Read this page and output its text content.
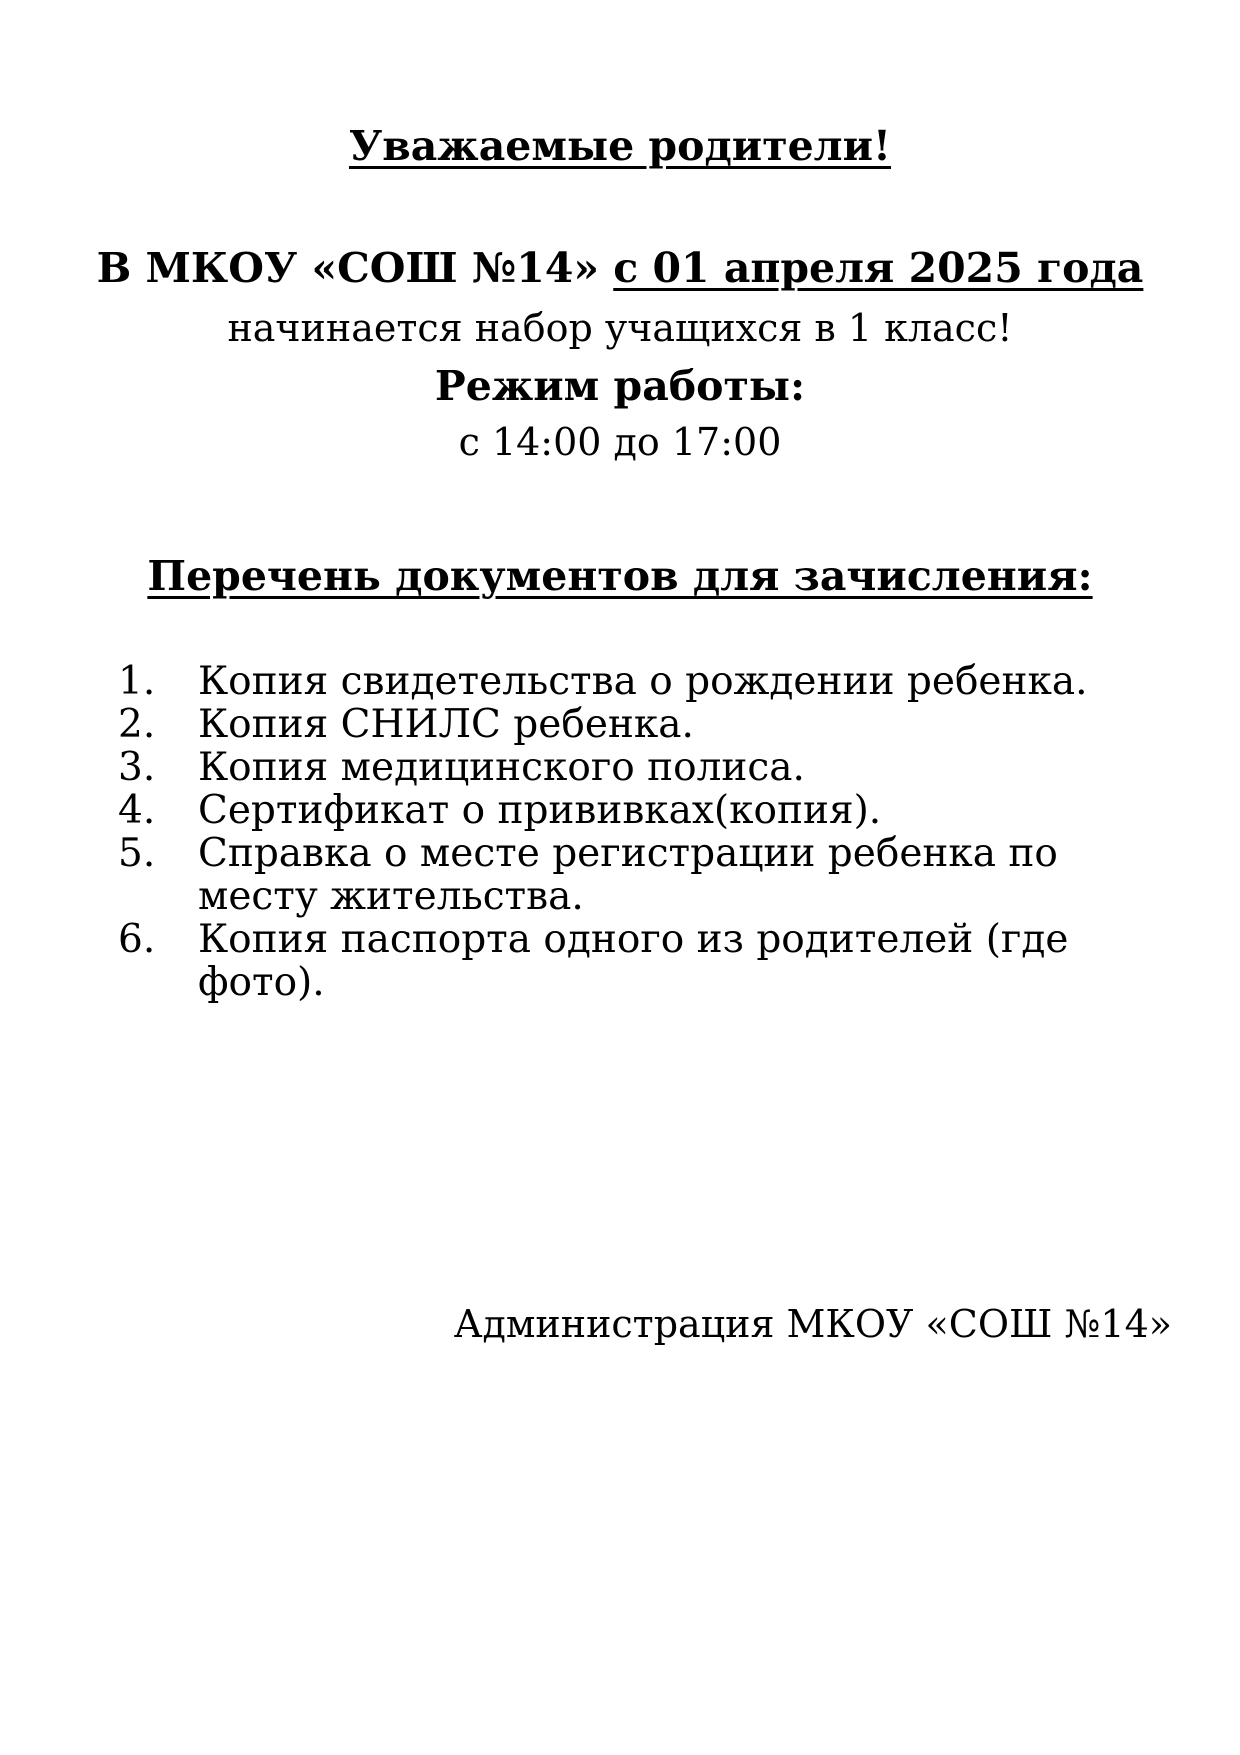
Уважаемые родители!
В МКОУ «СОШ №14» с 01 апреля 2025 года
начинается набор учащихся в 1 класс!
Режим работы:
с 14:00 до 17:00
Перечень документов для зачисления:
1.	Копия свидетельства о рождении ребенка.
2.	Копия СНИЛС ребенка.
3.	Копия медицинского полиса.
4.	Сертификат о прививках(копия).
5.	Справка о месте регистрации ребенка по месту жительства.
6.	Копия паспорта одного из родителей (где фото).
Администрация МКОУ «СОШ №14»
